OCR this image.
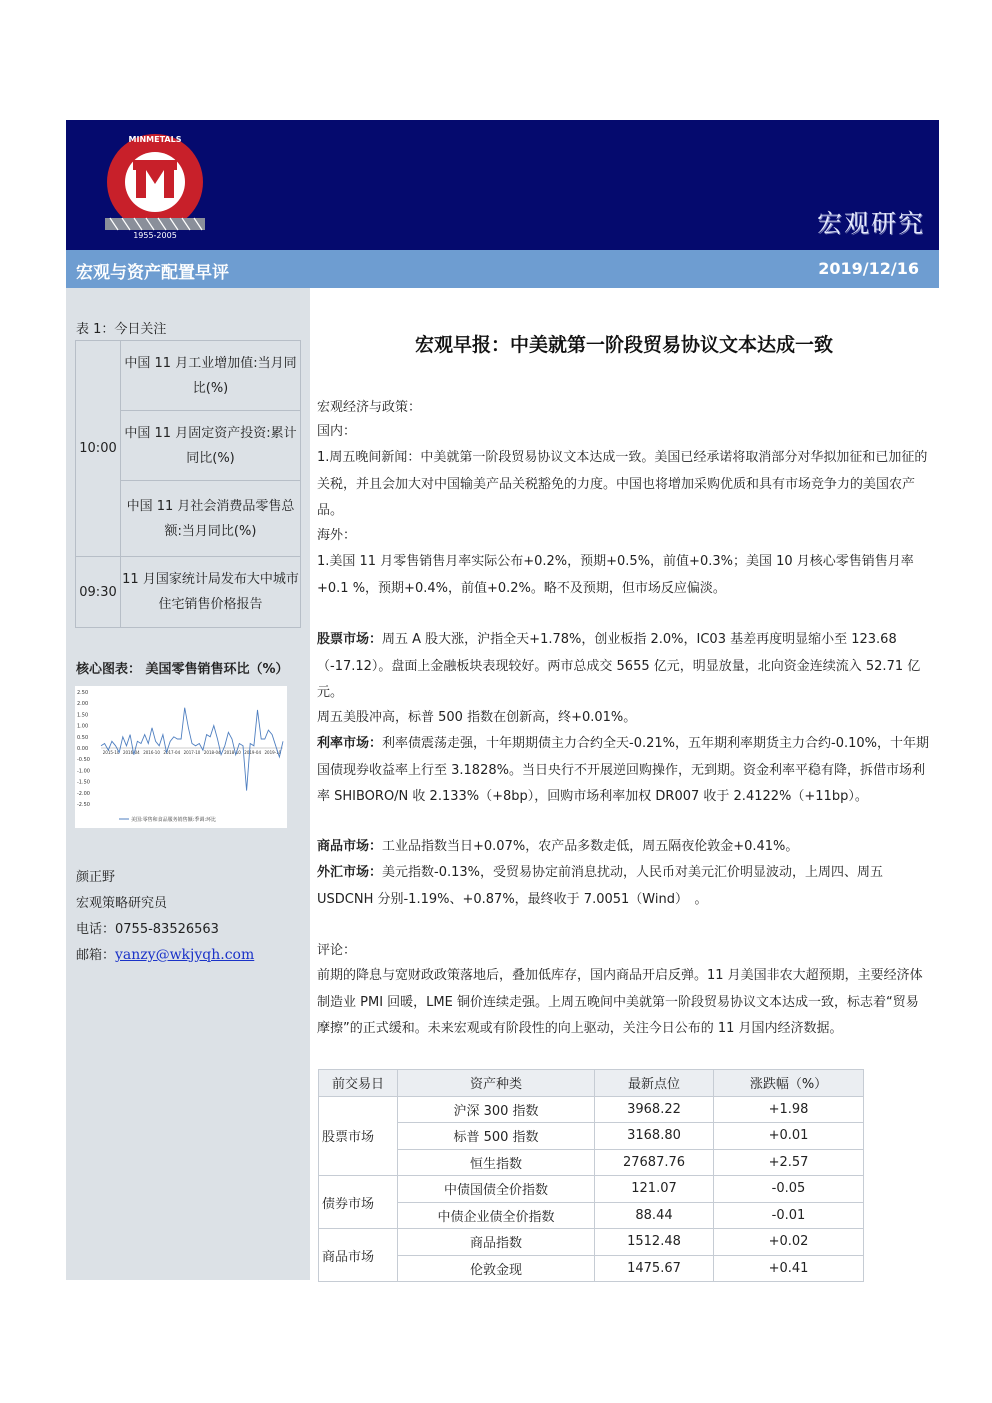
MINMETALS
1955-2005	宏观研究
宏观与资产配置早评	2019/12/16
表 1：今日关注
10:00	中国 11 月工业增加值:当月同比(%)
	中国 11 月固定资产投资:累计同比(%)
	中国 11 月社会消费品零售总额:当月同比(%)
09:30	11 月国家统计局发布大中城市住宅销售价格报告
核心图表： 美国零售销售环比（%）
2.50
2.00
1.50
1.00
0.50
0.00
-0.50
-1.00
-1.50
-2.00
-2.50
2015-10 2016-04 2016-10 2017-04 2017-10 2018-04 2018-10 2019-04 2019-10
美国:零售和食品服务销售额:季调:环比
颜正野
宏观策略研究员
电话：0755-83526563
邮箱：yanzy@wkjyqh.com
宏观早报：中美就第一阶段贸易协议文本达成一致
宏观经济与政策：
国内：
1.周五晚间新闻：中美就第一阶段贸易协议文本达成一致。美国已经承诺将取消部分对华拟加征和已加征的关税，并且会加大对中国输美产品关税豁免的力度。中国也将增加采购优质和具有市场竞争力的美国农产品。
海外：
1.美国 11 月零售销售月率实际公布+0.2%，预期+0.5%，前值+0.3%；美国 10 月核心零售销售月率+0.1 %，预期+0.4%，前值+0.2%。略不及预期，但市场反应偏淡。
股票市场：周五 A 股大涨，沪指全天+1.78%，创业板指 2.0%，IC03 基差再度明显缩小至 123.68（-17.12）。盘面上金融板块表现较好。两市总成交 5655 亿元，明显放量，北向资金连续流入 52.71 亿元。
周五美股冲高，标普 500 指数在创新高，终+0.01%。
利率市场：利率债震荡走强，十年期期债主力合约全天-0.21%，五年期利率期货主力合约-0.10%，十年期国债现券收益率上行至 3.1828%。当日央行不开展逆回购操作，无到期。资金利率平稳有降，拆借市场利率 SHIBORO/N 收 2.133%（+8bp），回购市场利率加权 DR007 收于 2.4122%（+11bp）。
商品市场：工业品指数当日+0.07%，农产品多数走低，周五隔夜伦敦金+0.41%。
外汇市场：美元指数-0.13%，受贸易协定前消息扰动，人民币对美元汇价明显波动，上周四、周五 USDCNH 分别-1.19%、+0.87%，最终收于 7.0051（Wind）　。
评论：
前期的降息与宽财政政策落地后，叠加低库存，国内商品开启反弹。11 月美国非农大超预期，主要经济体制造业 PMI 回暖，LME 铜价连续走强。上周五晚间中美就第一阶段贸易协议文本达成一致，标志着“贸易摩擦”的正式缓和。未来宏观或有阶段性的向上驱动，关注今日公布的 11 月国内经济数据。
前交易日	资产种类	最新点位	涨跌幅（%）
股票市场	沪深 300 指数	3968.22	+1.98
	标普 500 指数	3168.80	+0.01
	恒生指数	27687.76	+2.57
债券市场	中债国债全价指数	121.07	-0.05
	中债企业债全价指数	88.44	-0.01
商品市场	商品指数	1512.48	+0.02
	伦敦金现	1475.67	+0.41
